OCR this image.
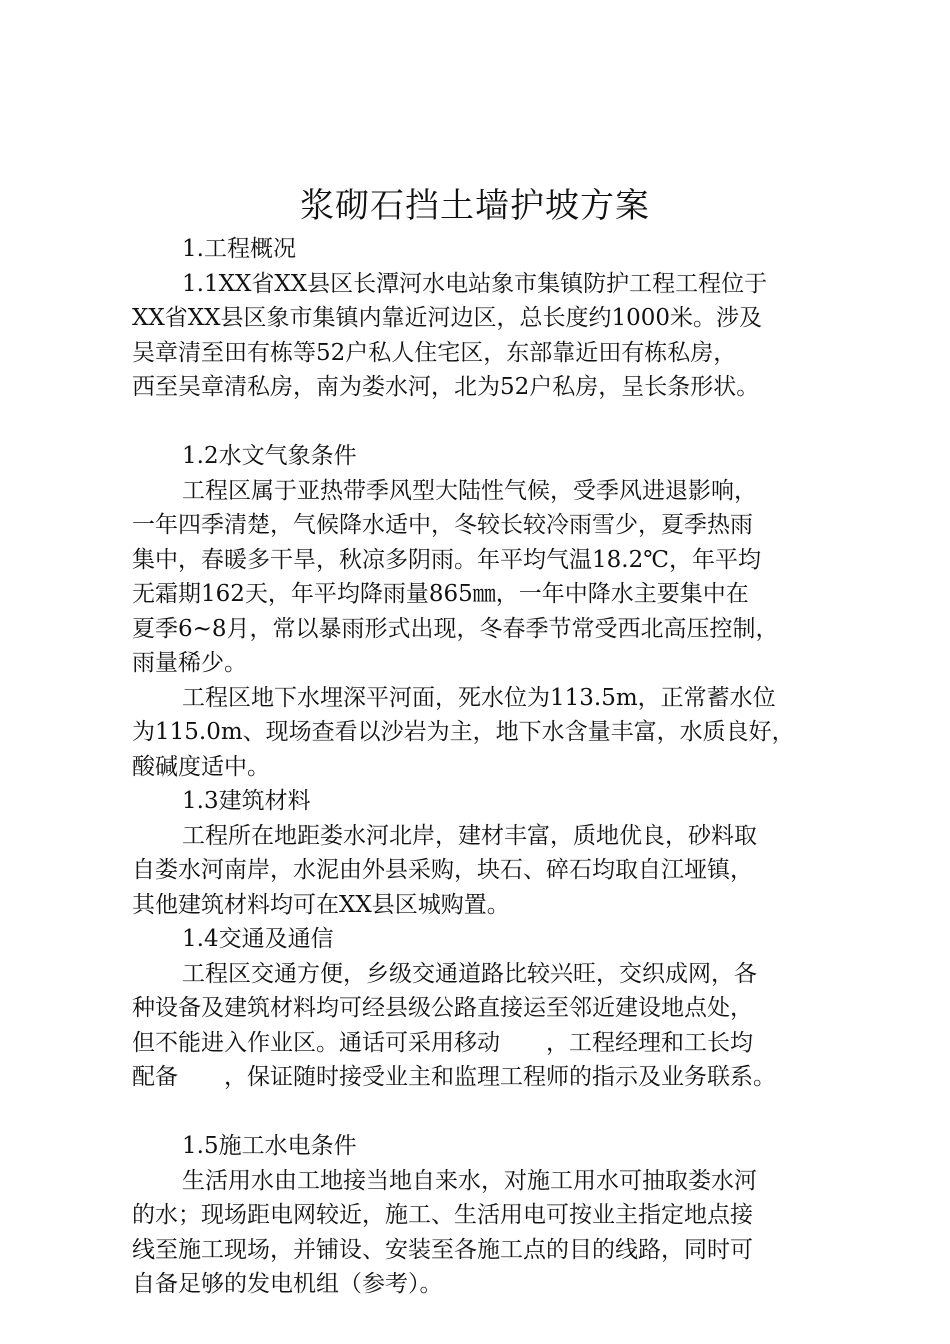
浆砌石挡土墙护坡方案
1.工程概况
1.1XX省XX县区长潭河水电站象市集镇防护工程工程位于
XX省XX县区象市集镇内靠近河边区，总长度约1000米。涉及
吴章清至田有栋等52户私人住宅区，东部靠近田有栋私房，
西至吴章清私房，南为娄水河，北为52户私房，呈长条形状。
1.2水文气象条件
工程区属于亚热带季风型大陆性气候，受季风进退影响，
一年四季清楚，气候降水适中，冬较长较冷雨雪少，夏季热雨
集中，春暖多干旱，秋凉多阴雨。年平均气温18.2℃，年平均
无霜期162天，年平均降雨量865㎜，一年中降水主要集中在
夏季6~8月，常以暴雨形式出现，冬春季节常受西北高压控制，
雨量稀少。
工程区地下水埋深平河面，死水位为113.5m，正常蓄水位
为115.0m、现场查看以沙岩为主，地下水含量丰富，水质良好，
酸碱度适中。
1.3建筑材料
工程所在地距娄水河北岸，建材丰富，质地优良，砂料取
自娄水河南岸，水泥由外县采购，块石、碎石均取自江垭镇，
其他建筑材料均可在XX县区城购置。
1.4交通及通信
工程区交通方便，乡级交通道路比较兴旺，交织成网，各
种设备及建筑材料均可经县级公路直接运至邻近建设地点处，
但不能进入作业区。通话可采用移动　　，工程经理和工长均
配备　　，保证随时接受业主和监理工程师的指示及业务联系。
1.5施工水电条件
生活用水由工地接当地自来水，对施工用水可抽取娄水河
的水；现场距电网较近，施工、生活用电可按业主指定地点接
线至施工现场，并铺设、安装至各施工点的目的线路，同时可
自备足够的发电机组（参考）。
